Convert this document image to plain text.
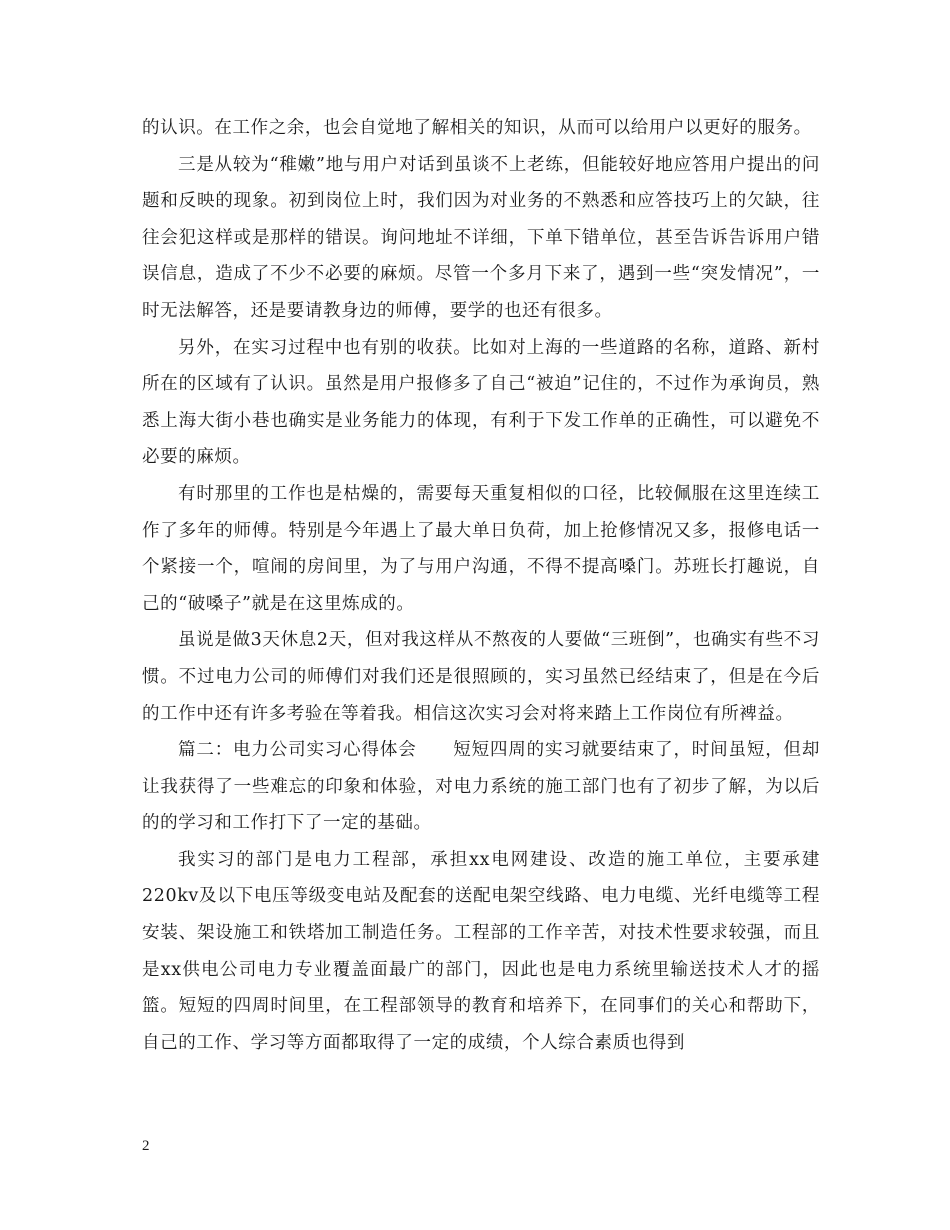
的认识。在工作之余，也会自觉地了解相关的知识，从而可以给用户以更好的服务。

三是从较为“稚嫩”地与用户对话到虽谈不上老练，但能较好地应答用户提出的问题和反映的现象。初到岗位上时，我们因为对业务的不熟悉和应答技巧上的欠缺，往往会犯这样或是那样的错误。询问地址不详细，下单下错单位，甚至告诉告诉用户错误信息，造成了不少不必要的麻烦。尽管一个多月下来了，遇到一些“突发情况”，一时无法解答，还是要请教身边的师傅，要学的也还有很多。

另外，在实习过程中也有别的收获。比如对上海的一些道路的名称，道路、新村所在的区域有了认识。虽然是用户报修多了自己“被迫”记住的，不过作为承询员，熟悉上海大街小巷也确实是业务能力的体现，有利于下发工作单的正确性，可以避免不必要的麻烦。

有时那里的工作也是枯燥的，需要每天重复相似的口径，比较佩服在这里连续工作了多年的师傅。特别是今年遇上了最大单日负荷，加上抢修情况又多，报修电话一个紧接一个，喧闹的房间里，为了与用户沟通，不得不提高嗓门。苏班长打趣说，自己的“破嗓子”就是在这里炼成的。

虽说是做3天休息2天，但对我这样从不熬夜的人要做“三班倒”，也确实有些不习惯。不过电力公司的师傅们对我们还是很照顾的，实习虽然已经结束了，但是在今后的工作中还有许多考验在等着我。相信这次实习会对将来踏上工作岗位有所裨益。

篇二：电力公司实习心得体会　　短短四周的实习就要结束了，时间虽短，但却让我获得了一些难忘的印象和体验，对电力系统的施工部门也有了初步了解，为以后的的学习和工作打下了一定的基础。

我实习的部门是电力工程部，承担xx电网建设、改造的施工单位，主要承建220kv及以下电压等级变电站及配套的送配电架空线路、电力电缆、光纤电缆等工程安装、架设施工和铁塔加工制造任务。工程部的工作辛苦，对技术性要求较强，而且是xx供电公司电力专业覆盖面最广的部门，因此也是电力系统里输送技术人才的摇篮。短短的四周时间里，在工程部领导的教育和培养下，在同事们的关心和帮助下，自己的工作、学习等方面都取得了一定的成绩，个人综合素质也得到

2
